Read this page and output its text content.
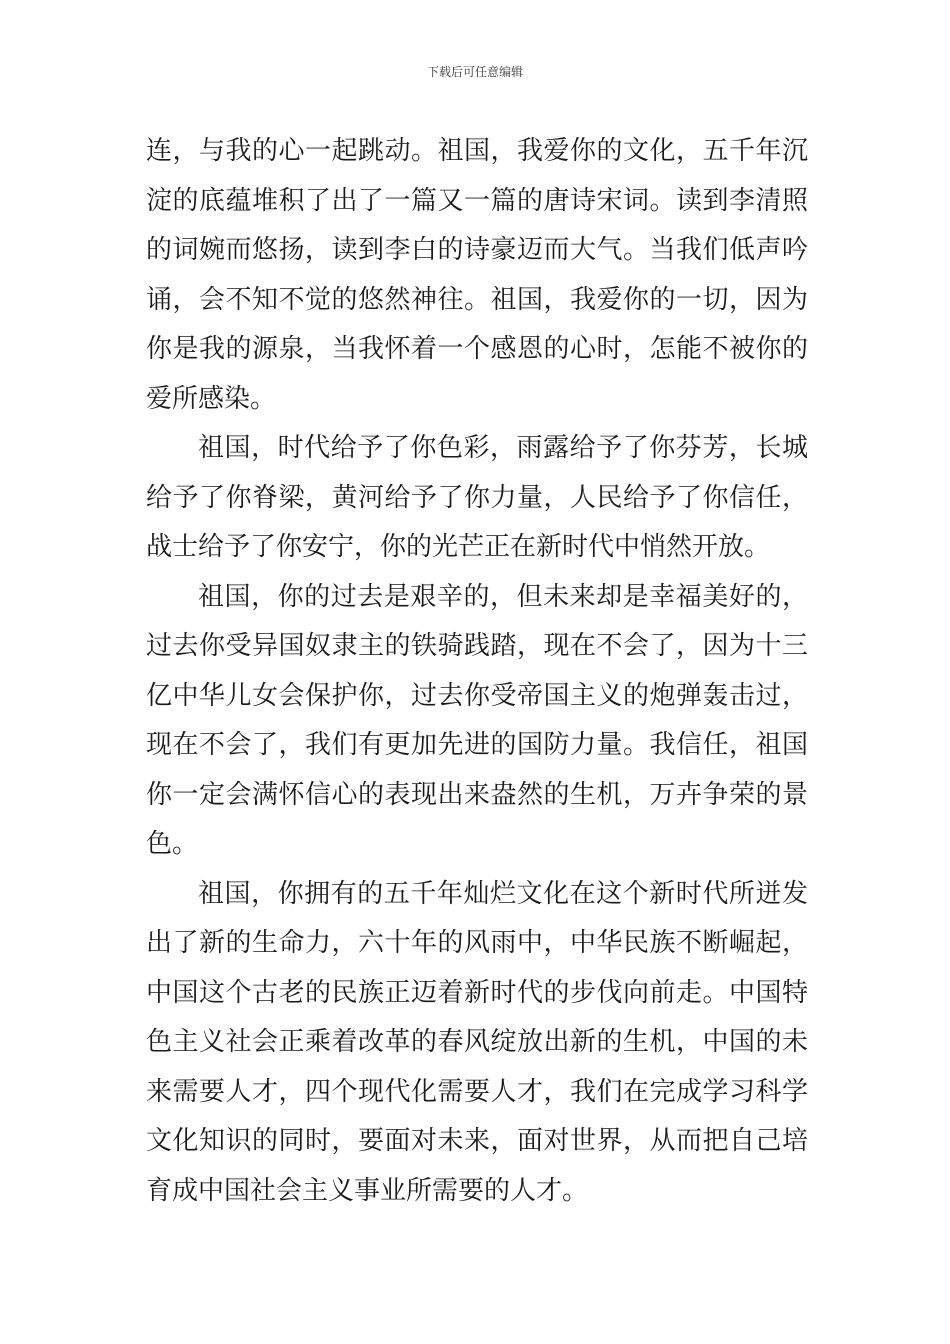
下载后可任意编辑
连，与我的心一起跳动。祖国，我爱你的文化，五千年沉
淀的底蕴堆积了出了一篇又一篇的唐诗宋词。读到李清照
的词婉而悠扬，读到李白的诗豪迈而大气。当我们低声吟
诵，会不知不觉的悠然神往。祖国，我爱你的一切，因为
你是我的源泉，当我怀着一个感恩的心时，怎能不被你的
爱所感染。
祖国，时代给予了你色彩，雨露给予了你芬芳，长城
给予了你脊梁，黄河给予了你力量，人民给予了你信任，
战士给予了你安宁，你的光芒正在新时代中悄然开放。
祖国，你的过去是艰辛的，但未来却是幸福美好的，
过去你受异国奴隶主的铁骑践踏，现在不会了，因为十三
亿中华儿女会保护你，过去你受帝国主义的炮弹轰击过，
现在不会了，我们有更加先进的国防力量。我信任，祖国
你一定会满怀信心的表现出来盎然的生机，万卉争荣的景
色。
祖国，你拥有的五千年灿烂文化在这个新时代所迸发
出了新的生命力，六十年的风雨中，中华民族不断崛起，
中国这个古老的民族正迈着新时代的步伐向前走。中国特
色主义社会正乘着改革的春风绽放出新的生机，中国的未
来需要人才，四个现代化需要人才，我们在完成学习科学
文化知识的同时，要面对未来，面对世界，从而把自己培
育成中国社会主义事业所需要的人才。
